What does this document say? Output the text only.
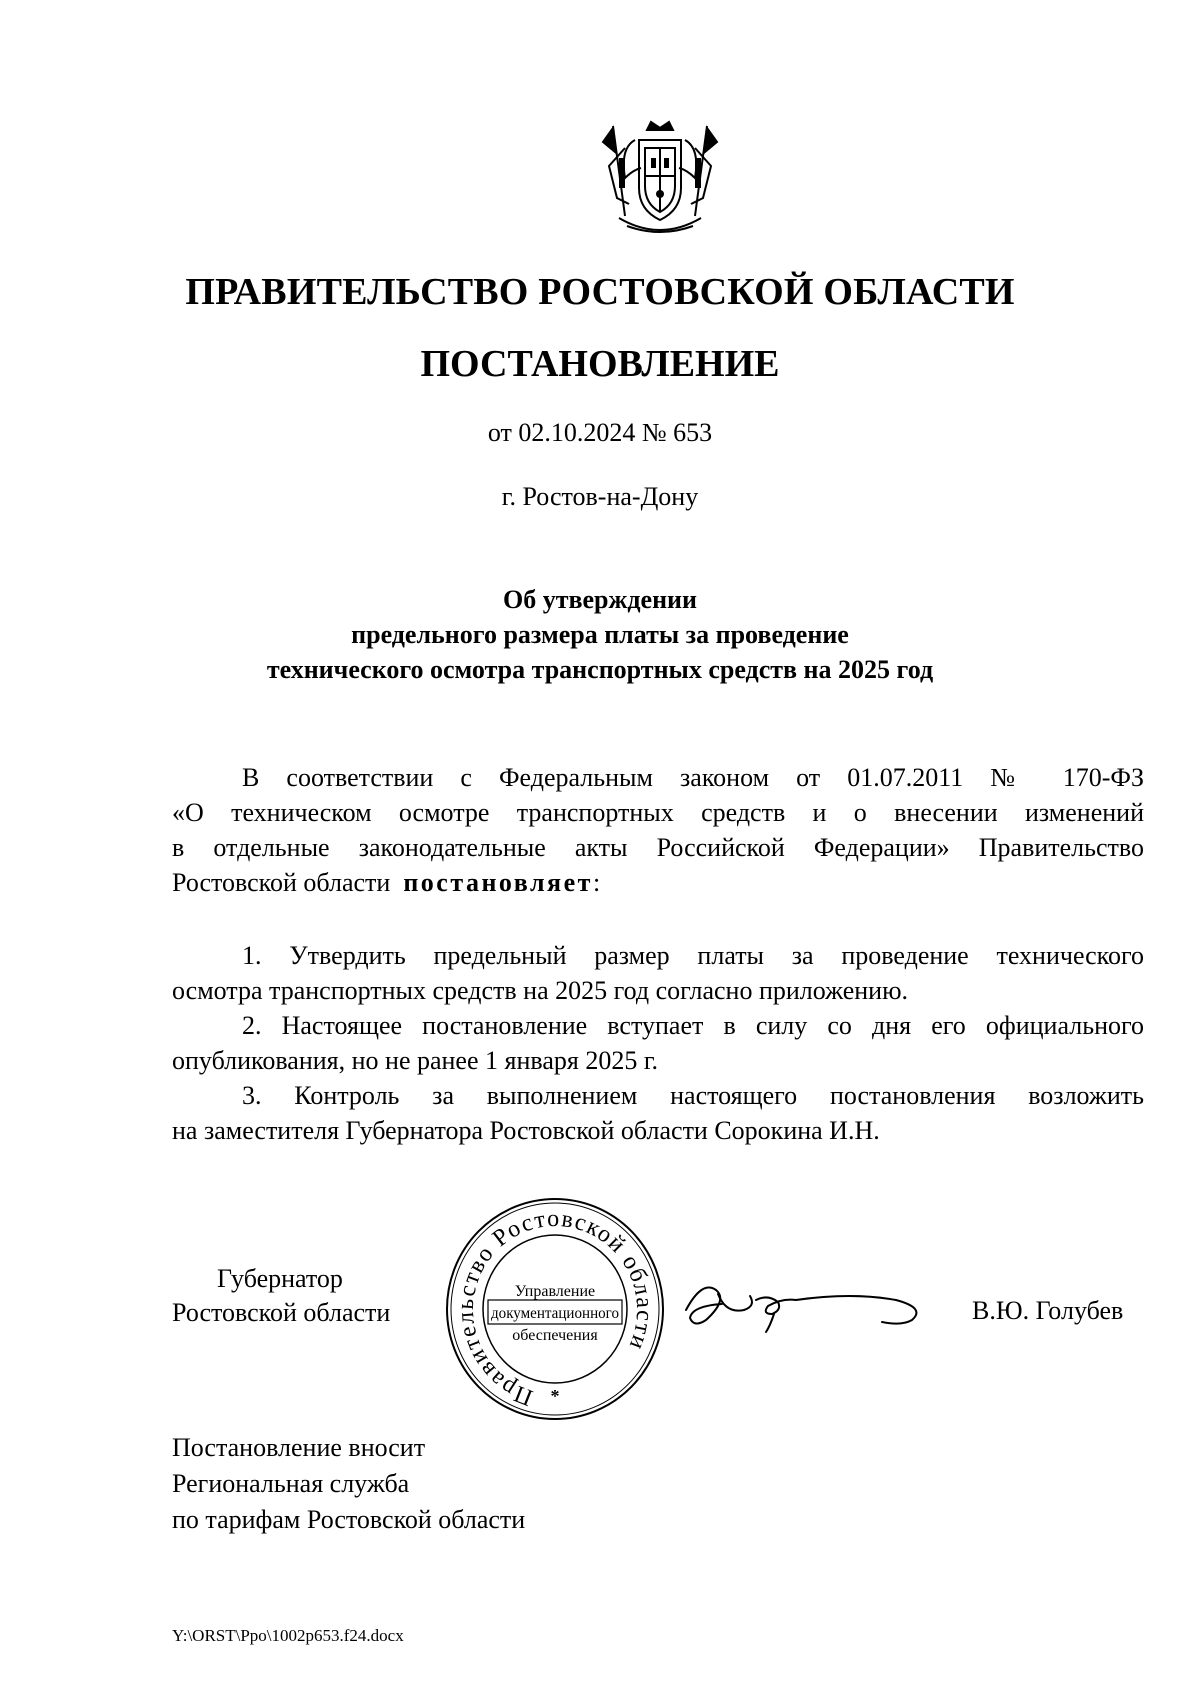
ПРАВИТЕЛЬСТВО РОСТОВСКОЙ ОБЛАСТИ
ПОСТАНОВЛЕНИЕ
от 02.10.2024 № 653
г. Ростов-на-Дону
Об утверждении
предельного размера платы за проведение
технического осмотра транспортных средств на 2025 год
В соответствии с Федеральным законом от 01.07.2011 № 170-ФЗ
«О техническом осмотре транспортных средств и о внесении изменений
в отдельные законодательные акты Российской Федерации» Правительство
Ростовской области постановляет:
1. Утвердить предельный размер платы за проведение технического
осмотра транспортных средств на 2025 год согласно приложению.
2. Настоящее постановление вступает в силу со дня его официального
опубликования, но не ранее 1 января 2025 г.
3. Контроль за выполнением настоящего постановления возложить
на заместителя Губернатора Ростовской области Сорокина И.Н.
Губернатор
Ростовской области
Правительство Ростовской области
Управление
документационного
обеспечения
*
В.Ю. Голубев
Постановление вносит
Региональная служба
по тарифам Ростовской области
Y:\ORST\Ppo\1002p653.f24.docx
